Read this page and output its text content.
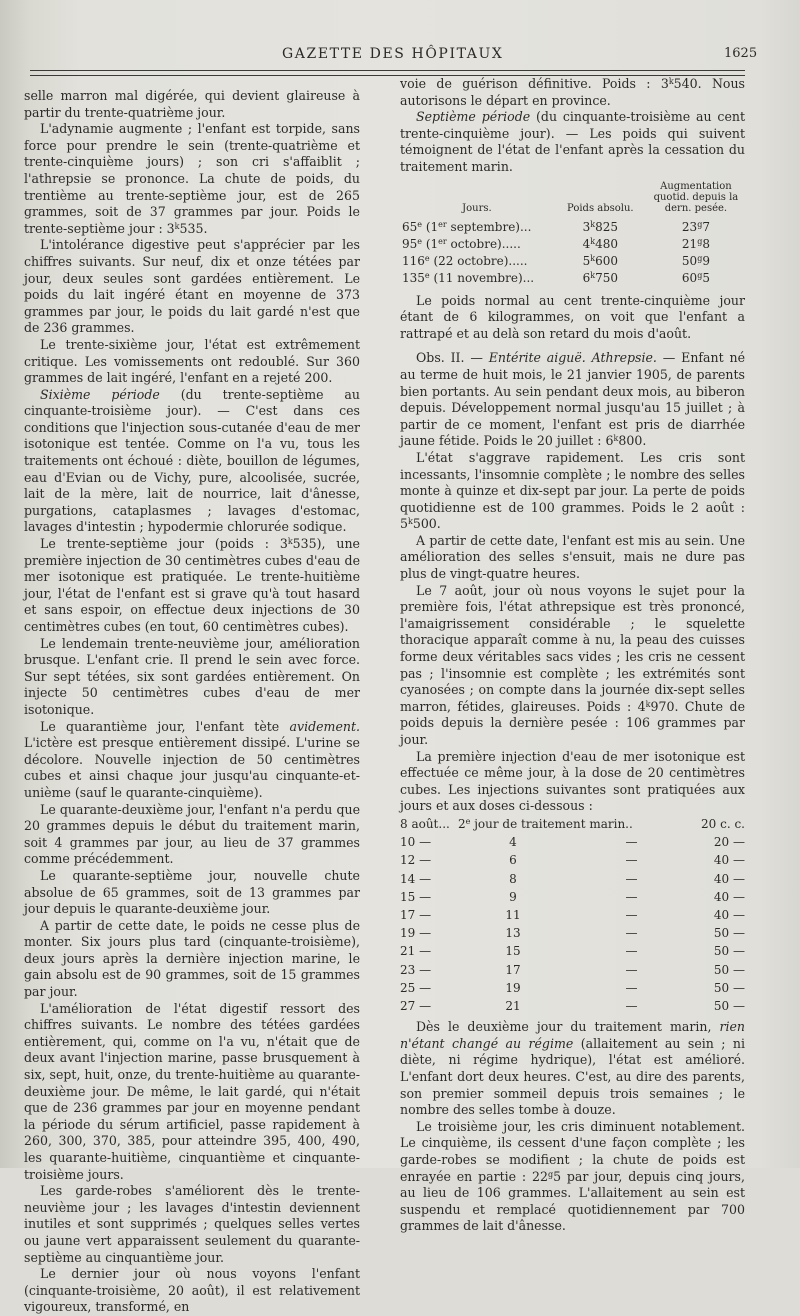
GAZETTE DES HÔPITAUX	1625

selle marron mal digérée, qui devient glaireuse à partir du trente-quatrième jour.

L'adynamie augmente ; l'enfant est torpide, sans force pour prendre le sein (trente-quatrième et trente-cinquième jours) ; son cri s'affaiblit ; l'athrepsie se prononce. La chute de poids, du trentième au trente-septième jour, est de 265 grammes, soit de 37 grammes par jour. Poids le trente-septième jour : 3$^k$535.

L'intolérance digestive peut s'apprécier par les chiffres suivants. Sur neuf, dix et onze tétées par jour, deux seules sont gardées entièrement. Le poids du lait ingéré étant en moyenne de 373 grammes par jour, le poids du lait gardé n'est que de 236 grammes.

Le trente-sixième jour, l'état est extrêmement critique. Les vomissements ont redoublé. Sur 360 grammes de lait ingéré, l'enfant en a rejeté 200.

Sixième période (du trente-septième au cinquante-troisième jour). — C'est dans ces conditions que l'injection sous-cutanée d'eau de mer isotonique est tentée. Comme on l'a vu, tous les traitements ont échoué : diète, bouillon de légumes, eau d'Evian ou de Vichy, pure, alcoolisée, sucrée, lait de la mère, lait de nourrice, lait d'ânesse, purgations, cataplasmes ; lavages d'estomac, lavages d'intestin ; hypodermie chlorurée sodique.

Le trente-septième jour (poids : 3$^k$535), une première injection de 30 centimètres cubes d'eau de mer isotonique est pratiquée. Le trente-huitième jour, l'état de l'enfant est si grave qu'à tout hasard et sans espoir, on effectue deux injections de 30 centimètres cubes (en tout, 60 centimètres cubes).

Le lendemain trente-neuvième jour, amélioration brusque. L'enfant crie. Il prend le sein avec force. Sur sept tétées, six sont gardées entièrement. On injecte 50 centimètres cubes d'eau de mer isotonique.

Le quarantième jour, l'enfant tète avidement. L'ictère est presque entièrement dissipé. L'urine se décolore. Nouvelle injection de 50 centimètres cubes et ainsi chaque jour jusqu'au cinquante-et-unième (sauf le quarante-cinquième).

Le quarante-deuxième jour, l'enfant n'a perdu que 20 grammes depuis le début du traitement marin, soit 4 grammes par jour, au lieu de 37 grammes comme précédemment.

Le quarante-septième jour, nouvelle chute absolue de 65 grammes, soit de 13 grammes par jour depuis le quarante-deuxième jour.

A partir de cette date, le poids ne cesse plus de monter. Six jours plus tard (cinquante-troisième), deux jours après la dernière injection marine, le gain absolu est de 90 grammes, soit de 15 grammes par jour.

L'amélioration de l'état digestif ressort des chiffres suivants. Le nombre des tétées gardées entièrement, qui, comme on l'a vu, n'était que de deux avant l'injection marine, passe brusquement à six, sept, huit, onze, du trente-huitième au quarante-deuxième jour. De même, le lait gardé, qui n'était que de 236 grammes par jour en moyenne pendant la période du sérum artificiel, passe rapidement à 260, 300, 370, 385, pour atteindre 395, 400, 490, les quarante-huitième, cinquantième et cinquante-troisième jours.

Les garde-robes s'améliorent dès le trente-neuvième jour ; les lavages d'intestin deviennent inutiles et sont supprimés ; quelques selles vertes ou jaune vert apparaissent seulement du quarante-septième au cinquantième jour.

Le dernier jour où nous voyons l'enfant (cinquante-troisième, 20 août), il est relativement vigoureux, transformé, en

voie de guérison définitive. Poids : 3$^k$540. Nous autorisons le départ en province.

Septième période (du cinquante-troisième au cent trente-cinquième jour). — Les poids qui suivent témoignent de l'état de l'enfant après la cessation du traitement marin.

Jours.	Poids absolu.	Augmentation quotid. depuis la dern. pesée.
65e (1er septembre)...	3$^k$825	23$^g$7
95e (1er octobre).....	4$^k$480	21$^g$8
116e (22 octobre).....	5$^k$600	50$^g$9
135e (11 novembre)...	6$^k$750	60$^g$5

Le poids normal au cent trente-cinquième jour étant de 6 kilogrammes, on voit que l'enfant a rattrapé et au delà son retard du mois d'août.

Obs. II. — Entérite aiguë. Athrepsie. — Enfant né au terme de huit mois, le 21 janvier 1905, de parents bien portants. Au sein pendant deux mois, au biberon depuis. Développement normal jusqu'au 15 juillet ; à partir de ce moment, l'enfant est pris de diarrhée jaune fétide. Poids le 20 juillet : 6$^k$800.

L'état s'aggrave rapidement. Les cris sont incessants, l'insomnie complète ; le nombre des selles monte à quinze et dix-sept par jour. La perte de poids quotidienne est de 100 grammes. Poids le 2 août : 5$^k$500.

A partir de cette date, l'enfant est mis au sein. Une amélioration des selles s'ensuit, mais ne dure pas plus de vingt-quatre heures.

Le 7 août, jour où nous voyons le sujet pour la première fois, l'état athrepsique est très prononcé, l'amaigrissement considérable ; le squelette thoracique apparaît comme à nu, la peau des cuisses forme deux véritables sacs vides ; les cris ne cessent pas ; l'insomnie est complète ; les extrémités sont cyanosées ; on compte dans la journée dix-sept selles marron, fétides, glaireuses. Poids : 4$^k$970. Chute de poids depuis la dernière pesée : 106 grammes par jour.

La première injection d'eau de mer isotonique est effectuée ce même jour, à la dose de 20 centimètres cubes. Les injections suivantes sont pratiquées aux jours et aux doses ci-dessous :

8 août...	2e jour de traitement marin..		20 c. c.
10 —	4	—	20 —
12 —	6	—	40 —
14 —	8	—	40 —
15 —	9	—	40 —
17 —	11	—	40 —
19 —	13	—	50 —
21 —	15	—	50 —
23 —	17	—	50 —
25 —	19	—	50 —
27 —	21	—	50 —

Dès le deuxième jour du traitement marin, rien n'étant changé au régime (allaitement au sein ; ni diète, ni régime hydrique), l'état est amélioré. L'enfant dort deux heures. C'est, au dire des parents, son premier sommeil depuis trois semaines ; le nombre des selles tombe à douze.

Le troisième jour, les cris diminuent notablement. Le cinquième, ils cessent d'une façon complète ; les garde-robes se modifient ; la chute de poids est enrayée en partie : 22$^g$5 par jour, depuis cinq jours, au lieu de 106 grammes. L'allaitement au sein est suspendu et remplacé quotidiennement par 700 grammes de lait d'ânesse.
